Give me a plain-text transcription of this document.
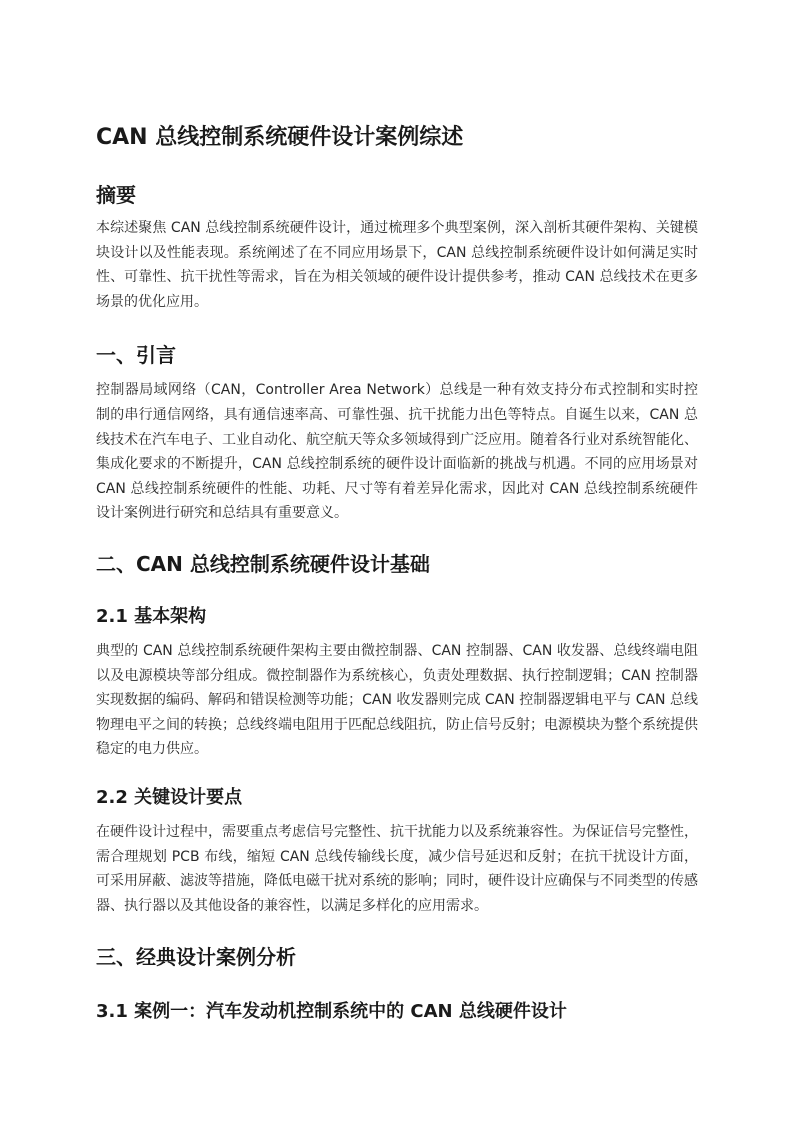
CAN 总线控制系统硬件设计案例综述
摘要

本综述聚焦 CAN 总线控制系统硬件设计，通过梳理多个典型案例，深入剖析其硬件架构、关键模块设计以及性能表现。系统阐述了在不同应用场景下，CAN 总线控制系统硬件设计如何满足实时性、可靠性、抗干扰性等需求，旨在为相关领域的硬件设计提供参考，推动 CAN 总线技术在更多场景的优化应用。

一、引言

控制器局域网络（CAN，Controller Area Network）总线是一种有效支持分布式控制和实时控制的串行通信网络，具有通信速率高、可靠性强、抗干扰能力出色等特点。自诞生以来，CAN 总线技术在汽车电子、工业自动化、航空航天等众多领域得到广泛应用。随着各行业对系统智能化、集成化要求的不断提升，CAN 总线控制系统的硬件设计面临新的挑战与机遇。不同的应用场景对 CAN 总线控制系统硬件的性能、功耗、尺寸等有着差异化需求，因此对 CAN 总线控制系统硬件设计案例进行研究和总结具有重要意义。

二、CAN 总线控制系统硬件设计基础
2.1 基本架构

典型的 CAN 总线控制系统硬件架构主要由微控制器、CAN 控制器、CAN 收发器、总线终端电阻以及电源模块等部分组成。微控制器作为系统核心，负责处理数据、执行控制逻辑；CAN 控制器实现数据的编码、解码和错误检测等功能；CAN 收发器则完成 CAN 控制器逻辑电平与 CAN 总线物理电平之间的转换；总线终端电阻用于匹配总线阻抗，防止信号反射；电源模块为整个系统提供稳定的电力供应。

2.2 关键设计要点

在硬件设计过程中，需要重点考虑信号完整性、抗干扰能力以及系统兼容性。为保证信号完整性，需合理规划 PCB 布线，缩短 CAN 总线传输线长度，减少信号延迟和反射；在抗干扰设计方面，可采用屏蔽、滤波等措施，降低电磁干扰对系统的影响；同时，硬件设计应确保与不同类型的传感器、执行器以及其他设备的兼容性，以满足多样化的应用需求。

三、经典设计案例分析
3.1 案例一：汽车发动机控制系统中的 CAN 总线硬件设计
